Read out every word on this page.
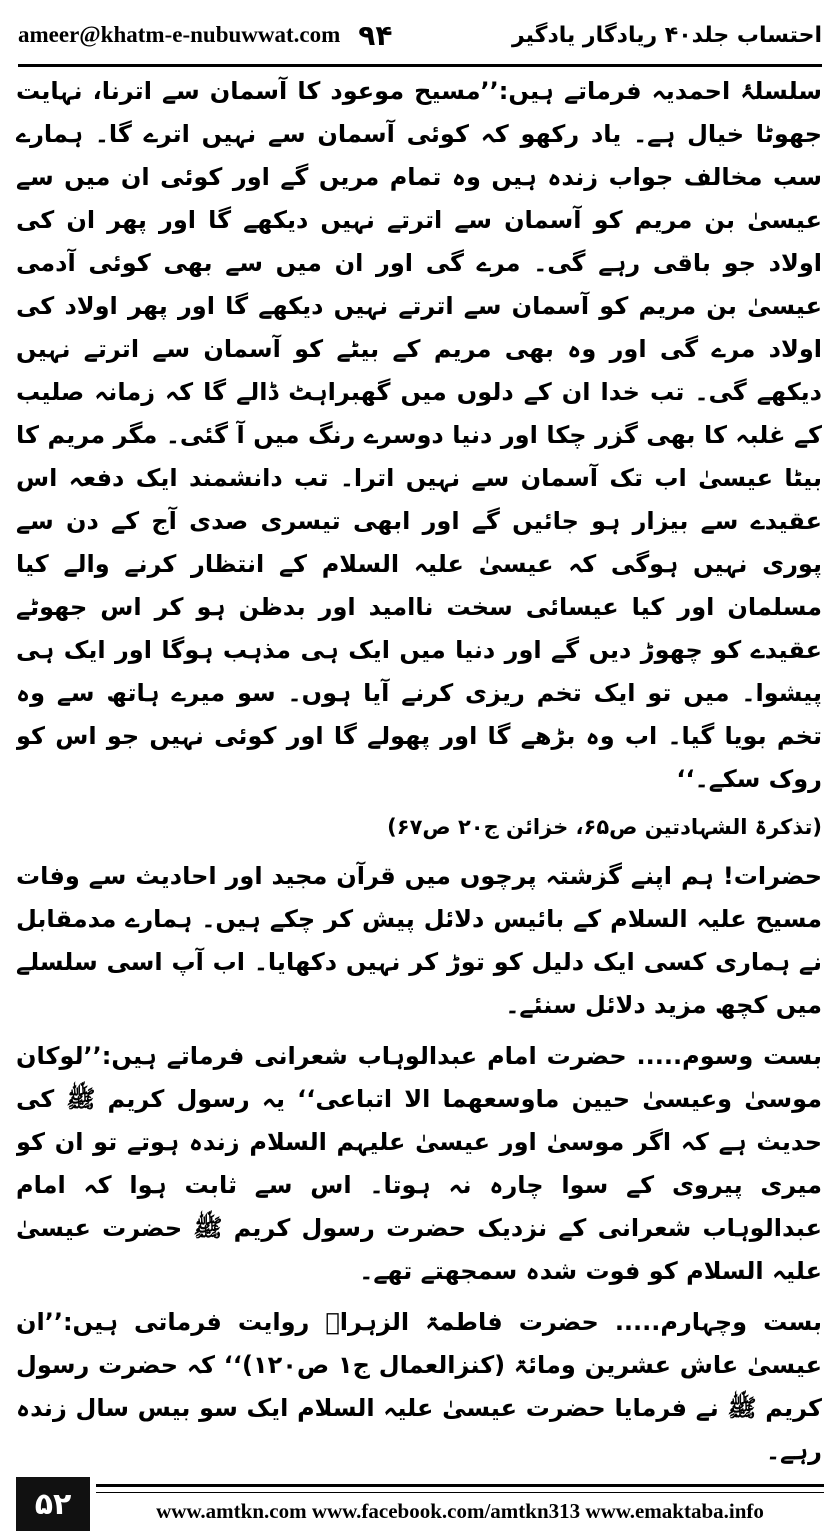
ameer@khatm-e-nubuwwat.com ۹۴	احتساب جلد۴۰ ریادگار یادگیر

سلسلۂ احمدیہ فرماتے ہیں:’’مسیح موعود کا آسمان سے اترنا، نہایت جھوٹا خیال ہے۔ یاد رکھو کہ کوئی آسمان سے نہیں اترے گا۔ ہمارے سب مخالف جواب زندہ ہیں وہ تمام مریں گے اور کوئی ان میں سے عیسیٰ بن مریم کو آسمان سے اترتے نہیں دیکھے گا اور پھر ان کی اولاد جو باقی رہے گی۔ مرے گی اور ان میں سے بھی کوئی آدمی عیسیٰ بن مریم کو آسمان سے اترتے نہیں دیکھے گا اور پھر اولاد کی اولاد مرے گی اور وہ بھی مریم کے بیٹے کو آسمان سے اترتے نہیں دیکھے گی۔ تب خدا ان کے دلوں میں گھبراہٹ ڈالے گا کہ زمانہ صلیب کے غلبہ کا بھی گزر چکا اور دنیا دوسرے رنگ میں آ گئی۔ مگر مریم کا بیٹا عیسیٰ اب تک آسمان سے نہیں اترا۔ تب دانشمند ایک دفعہ اس عقیدے سے بیزار ہو جائیں گے اور ابھی تیسری صدی آج کے دن سے پوری نہیں ہوگی کہ عیسیٰ علیہ السلام کے انتظار کرنے والے کیا مسلمان اور کیا عیسائی سخت ناامید اور بدظن ہو کر اس جھوٹے عقیدے کو چھوڑ دیں گے اور دنیا میں ایک ہی مذہب ہوگا اور ایک ہی پیشوا۔ میں تو ایک تخم ریزی کرنے آیا ہوں۔ سو میرے ہاتھ سے وہ تخم بویا گیا۔ اب وہ بڑھے گا اور پھولے گا اور کوئی نہیں جو اس کو روک سکے۔‘‘

(تذکرۃ الشہادتین ص۶۵، خزائن ج۲۰ ص۶۷)

حضرات! ہم اپنے گزشتہ پرچوں میں قرآن مجید اور احادیث سے وفات مسیح علیہ السلام کے بائیس دلائل پیش کر چکے ہیں۔ ہمارے مدمقابل نے ہماری کسی ایک دلیل کو توڑ کر نہیں دکھایا۔ اب آپ اسی سلسلے میں کچھ مزید دلائل سنئے۔

بست وسوم..... حضرت امام عبدالوہاب شعرانی فرماتے ہیں:’’لوکان موسیٰ وعیسیٰ حیین ماوسعھما الا اتباعی‘‘ یہ رسول کریم ﷺ کی حدیث ہے کہ اگر موسیٰ اور عیسیٰ علیہم السلام زندہ ہوتے تو ان کو میری پیروی کے سوا چارہ نہ ہوتا۔ اس سے ثابت ہوا کہ امام عبدالوہاب شعرانی کے نزدیک حضرت رسول کریم ﷺ حضرت عیسیٰ علیہ السلام کو فوت شدہ سمجھتے تھے۔

بست وچہارم..... حضرت فاطمۃ الزہراؓ روایت فرماتی ہیں:’’ان عیسیٰ عاش عشرین ومائۃ (کنزالعمال ج۱ ص۱۲۰)‘‘ کہ حضرت رسول کریم ﷺ نے فرمایا حضرت عیسیٰ علیہ السلام ایک سو بیس سال زندہ رہے۔

۵۲	www.amtkn.com www.facebook.com/amtkn313 www.emaktaba.info
